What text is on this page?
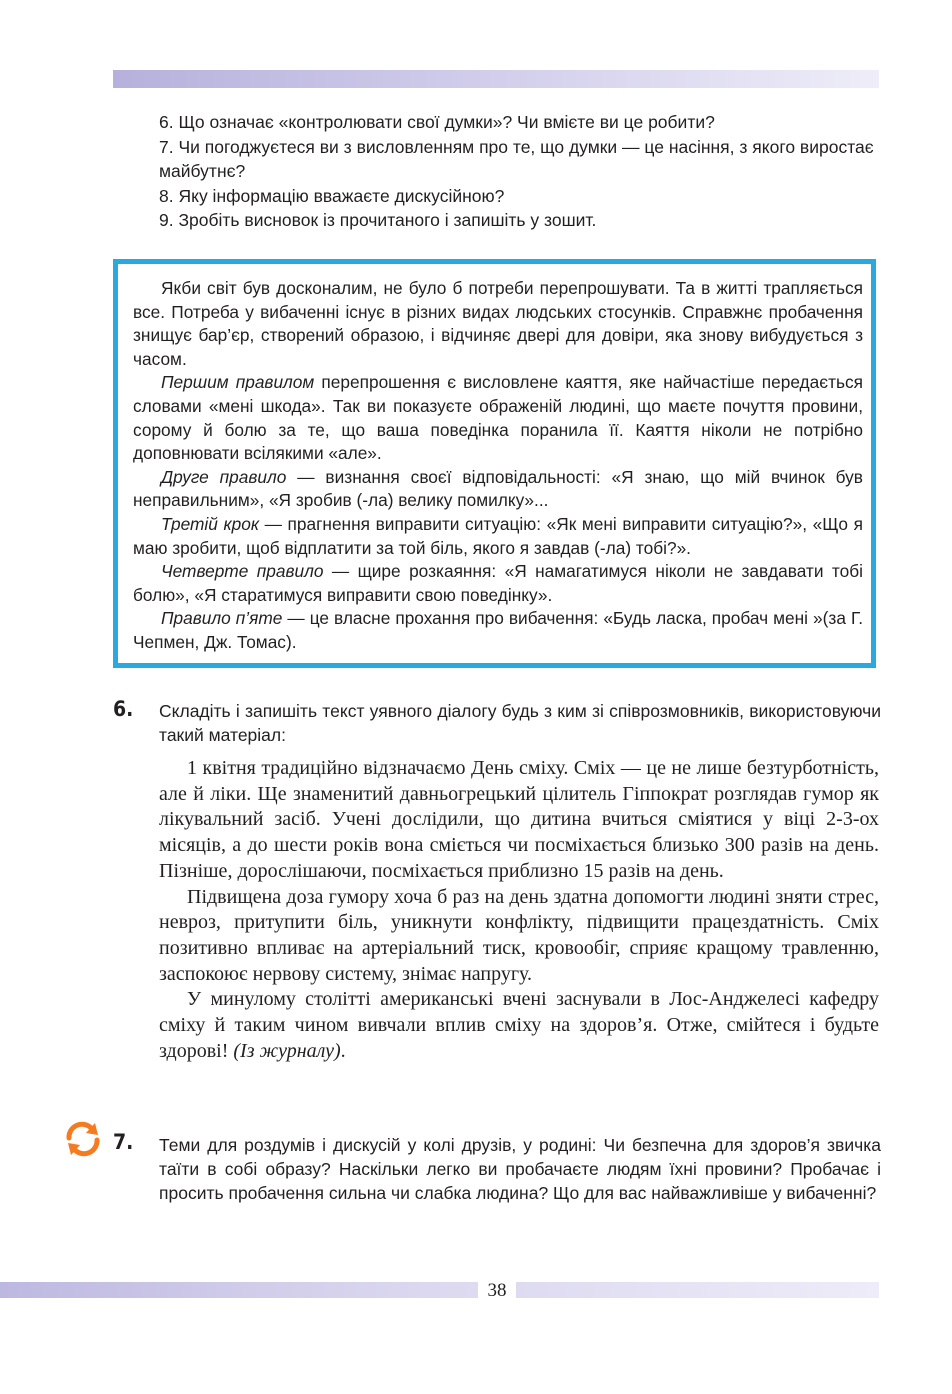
6. Що означає «контролювати свої думки»? Чи вмієте ви це робити?

7. Чи погоджуєтеся ви з висловленням про те, що думки — це насіння, з якого виростає майбутнє?

8. Яку інформацію вважаєте дискусійною?

9. Зробіть висновок із прочитаного і запишіть у зошит.

Якби світ був досконалим, не було б потреби перепрошувати. Та в житті трапляється все. Потреба у вибаченні існує в різних видах людських стосунків. Справжнє пробачення знищує бар’єр, створений образою, і відчиняє двері для довіри, яка знову вибудується з часом.

Першим правилом перепрошення є висловлене каяття, яке найчастіше передається словами «мені шкода». Так ви показуєте ображеній людині, що маєте почуття провини, сорому й болю за те, що ваша поведінка поранила її. Каяття ніколи не потрібно доповнювати всілякими «але».

Друге правило — визнання своєї відповідальності: «Я знаю, що мій вчинок був неправильним», «Я зробив (-ла) велику помилку»...

Третій крок — прагнення виправити ситуацію: «Як мені виправити ситуацію?», «Що я маю зробити, щоб відплатити за той біль, якого я завдав (-ла) тобі?».

Четверте правило — щире розкаяння: «Я намагатимуся ніколи не завдавати тобі болю», «Я старатимуся виправити свою поведінку».

Правило п’яте — це власне прохання про вибачення: «Будь ласка, пробач мені »(за Г. Чепмен, Дж. Томас).

6. Складіть і запишіть текст уявного діалогу будь з ким зі співрозмовників, використовуючи такий матеріал:

1 квітня традиційно відзначаємо День сміху. Сміх — це не лише безтурботність, але й ліки. Ще знаменитий давньогрецький цілитель Гіппократ розглядав гумор як лікувальний засіб. Учені дослідили, що дитина вчиться сміятися у віці 2-3-ох місяців, а до шести років вона сміється чи посміхається близько 300 разів на день. Пізніше, дорослішаючи, посміхається приблизно 15 разів на день.

Підвищена доза гумору хоча б раз на день здатна допомогти людині зняти стрес, невроз, притупити біль, уникнути конфлікту, підвищити працездатність. Сміх позитивно впливає на артеріальний тиск, кровообіг, сприяє кращому травленню, заспокоює нервову систему, знімає напругу.

У минулому столітті американські вчені заснували в Лос-Анджелесі кафедру сміху й таким чином вивчали вплив сміху на здоров’я. Отже, смійтеся і будьте здорові! (Із журналу).

7. Теми для роздумів і дискусій у колі друзів, у родині: Чи безпечна для здоров’я звичка таїти в собі образу? Наскільки легко ви пробачаєте людям їхні провини? Пробачає і просить пробачення сильна чи слабка людина? Що для вас найважливіше у вибаченні?

38
